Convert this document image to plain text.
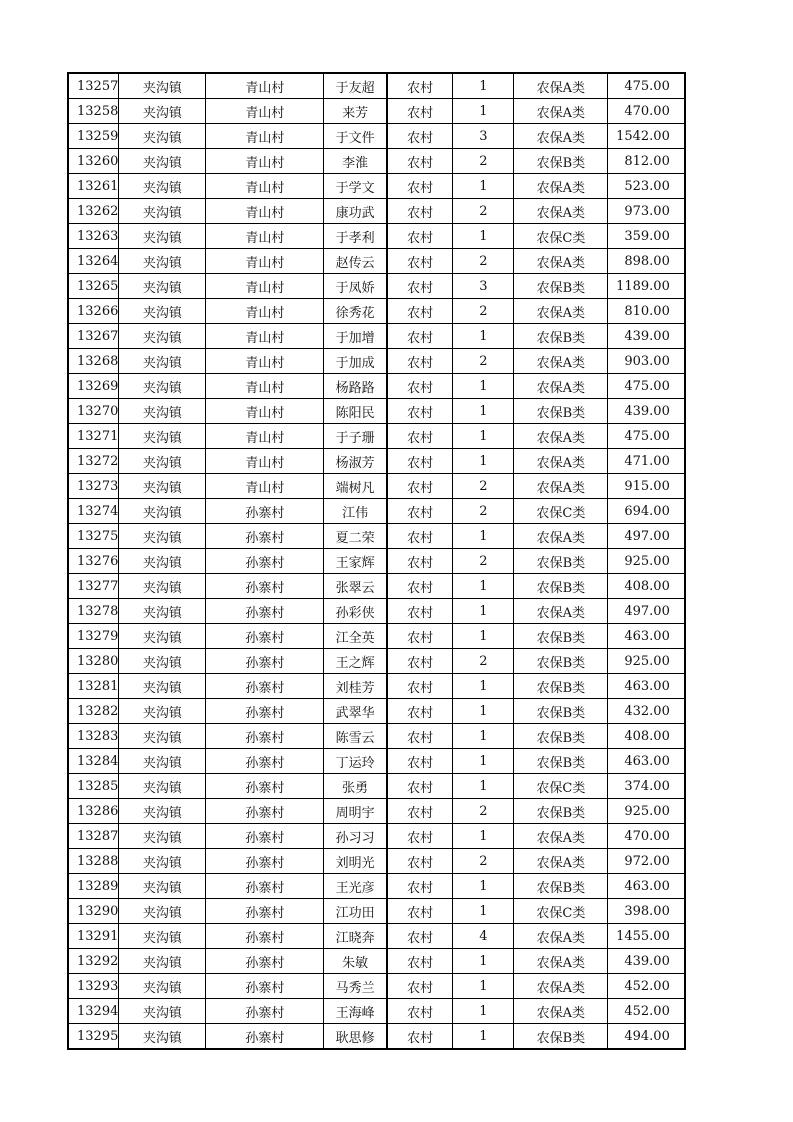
13257	夹沟镇	青山村	于友超	农村	1	农保A类	475.00
13258	夹沟镇	青山村	来芳	农村	1	农保A类	470.00
13259	夹沟镇	青山村	于文件	农村	3	农保A类	1542.00
13260	夹沟镇	青山村	李淮	农村	2	农保B类	812.00
13261	夹沟镇	青山村	于学文	农村	1	农保A类	523.00
13262	夹沟镇	青山村	康功武	农村	2	农保A类	973.00
13263	夹沟镇	青山村	于孝利	农村	1	农保C类	359.00
13264	夹沟镇	青山村	赵传云	农村	2	农保A类	898.00
13265	夹沟镇	青山村	于凤娇	农村	3	农保B类	1189.00
13266	夹沟镇	青山村	徐秀花	农村	2	农保A类	810.00
13267	夹沟镇	青山村	于加增	农村	1	农保B类	439.00
13268	夹沟镇	青山村	于加成	农村	2	农保A类	903.00
13269	夹沟镇	青山村	杨路路	农村	1	农保A类	475.00
13270	夹沟镇	青山村	陈阳民	农村	1	农保B类	439.00
13271	夹沟镇	青山村	于子珊	农村	1	农保A类	475.00
13272	夹沟镇	青山村	杨淑芳	农村	1	农保A类	471.00
13273	夹沟镇	青山村	端树凡	农村	2	农保A类	915.00
13274	夹沟镇	孙寨村	江伟	农村	2	农保C类	694.00
13275	夹沟镇	孙寨村	夏二荣	农村	1	农保A类	497.00
13276	夹沟镇	孙寨村	王家辉	农村	2	农保B类	925.00
13277	夹沟镇	孙寨村	张翠云	农村	1	农保B类	408.00
13278	夹沟镇	孙寨村	孙彩侠	农村	1	农保A类	497.00
13279	夹沟镇	孙寨村	江全英	农村	1	农保B类	463.00
13280	夹沟镇	孙寨村	王之辉	农村	2	农保B类	925.00
13281	夹沟镇	孙寨村	刘桂芳	农村	1	农保B类	463.00
13282	夹沟镇	孙寨村	武翠华	农村	1	农保B类	432.00
13283	夹沟镇	孙寨村	陈雪云	农村	1	农保B类	408.00
13284	夹沟镇	孙寨村	丁运玲	农村	1	农保B类	463.00
13285	夹沟镇	孙寨村	张勇	农村	1	农保C类	374.00
13286	夹沟镇	孙寨村	周明宇	农村	2	农保B类	925.00
13287	夹沟镇	孙寨村	孙习习	农村	1	农保A类	470.00
13288	夹沟镇	孙寨村	刘明光	农村	2	农保A类	972.00
13289	夹沟镇	孙寨村	王光彦	农村	1	农保B类	463.00
13290	夹沟镇	孙寨村	江功田	农村	1	农保C类	398.00
13291	夹沟镇	孙寨村	江晓奔	农村	4	农保A类	1455.00
13292	夹沟镇	孙寨村	朱敏	农村	1	农保A类	439.00
13293	夹沟镇	孙寨村	马秀兰	农村	1	农保A类	452.00
13294	夹沟镇	孙寨村	王海峰	农村	1	农保A类	452.00
13295	夹沟镇	孙寨村	耿思修	农村	1	农保B类	494.00
